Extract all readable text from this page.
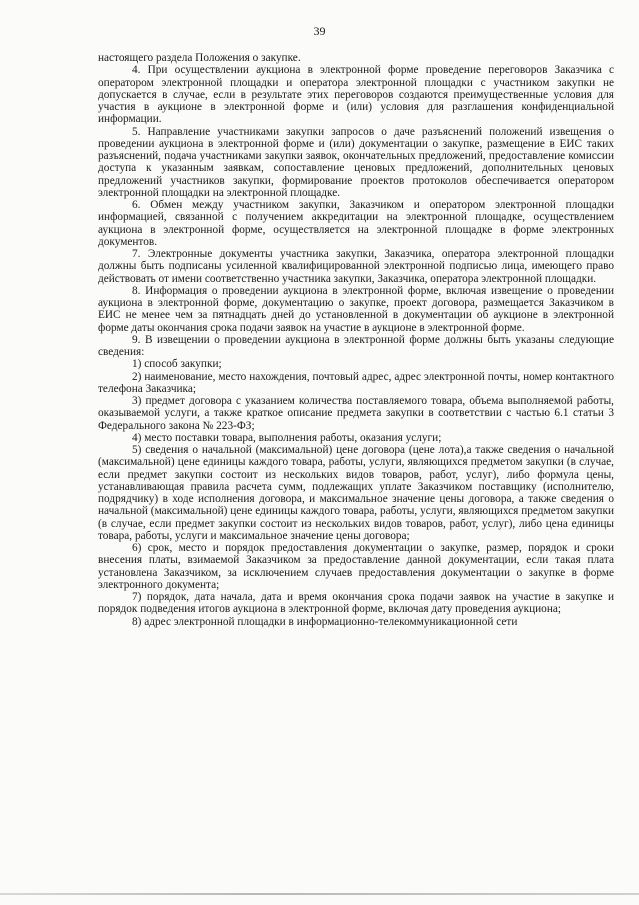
39

настоящего раздела Положения о закупке.

4. При осуществлении аукциона в электронной форме проведение переговоров Заказчика с оператором электронной площадки и оператора электронной площадки с участником закупки не допускается в случае, если в результате этих переговоров создаются преимущественные условия для участия в аукционе в электронной форме и (или) условия для разглашения конфиденциальной информации.

5. Направление участниками закупки запросов о даче разъяснений положений извещения о проведении аукциона в электронной форме и (или) документации о закупке, размещение в ЕИС таких разъяснений, подача участниками закупки заявок, окончательных предложений, предоставление комиссии доступа к указанным заявкам, сопоставление ценовых предложений, дополнительных ценовых предложений участников закупки, формирование проектов протоколов обеспечивается оператором электронной площадки на электронной площадке.

6. Обмен между участником закупки, Заказчиком и оператором электронной площадки информацией, связанной с получением аккредитации на электронной площадке, осуществлением аукциона в электронной форме, осуществляется на электронной площадке в форме электронных документов.

7. Электронные документы участника закупки, Заказчика, оператора электронной площадки должны быть подписаны усиленной квалифицированной электронной подписью лица, имеющего право действовать от имени соответственно участника закупки, Заказчика, оператора электронной площадки.

8. Информация о проведении аукциона в электронной форме, включая извещение о проведении аукциона в электронной форме, документацию о закупке, проект договора, размещается Заказчиком в ЕИС не менее чем за пятнадцать дней до установленной в документации об аукционе в электронной форме даты окончания срока подачи заявок на участие в аукционе в электронной форме.

9. В извещении о проведении аукциона в электронной форме должны быть указаны следующие сведения:

1) способ закупки;

2) наименование, место нахождения, почтовый адрес, адрес электронной почты, номер контактного телефона Заказчика;

3) предмет договора с указанием количества поставляемого товара, объема выполняемой работы, оказываемой услуги, а также краткое описание предмета закупки в соответствии с частью 6.1 статьи 3 Федерального закона № 223-ФЗ;

4) место поставки товара, выполнения работы, оказания услуги;

5) сведения о начальной (максимальной) цене договора (цене лота),а также сведения о начальной (максимальной) цене единицы каждого товара, работы, услуги, являющихся предметом закупки (в случае, если предмет закупки состоит из нескольких видов товаров, работ, услуг), либо формула цены, устанавливающая правила расчета сумм, подлежащих уплате Заказчиком поставщику (исполнителю, подрядчику) в ходе исполнения договора, и максимальное значение цены договора, а также сведения о начальной (максимальной) цене единицы каждого товара, работы, услуги, являющихся предметом закупки (в случае, если предмет закупки состоит из нескольких видов товаров, работ, услуг), либо цена единицы товара, работы, услуги и максимальное значение цены договора;

6) срок, место и порядок предоставления документации о закупке, размер, порядок и сроки внесения платы, взимаемой Заказчиком за предоставление данной документации, если такая плата установлена Заказчиком, за исключением случаев предоставления документации о закупке в форме электронного документа;

7) порядок, дата начала, дата и время окончания срока подачи заявок на участие в закупке и порядок подведения итогов аукциона в электронной форме, включая дату проведения аукциона;

8) адрес электронной площадки в информационно-телекоммуникационной сети
